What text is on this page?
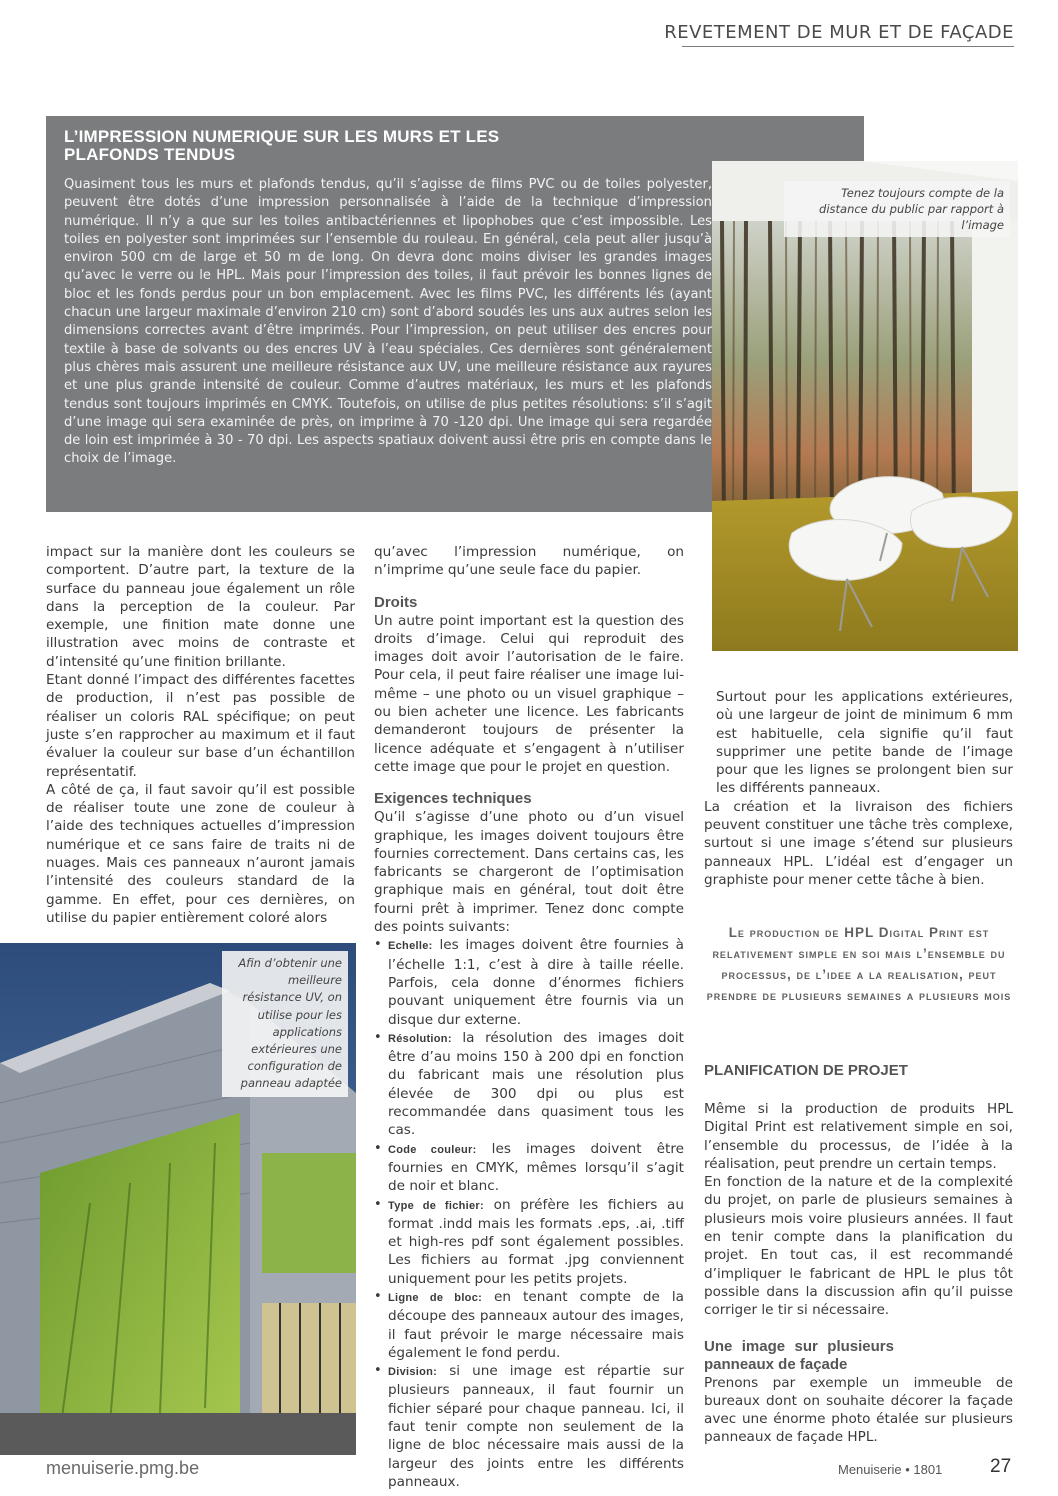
REVETEMENT DE MUR ET DE FAÇADE
L’IMPRESSION NUMERIQUE SUR LES MURS ET LES PLAFONDS TENDUS

Quasiment tous les murs et plafonds tendus, qu’il s’agisse de films PVC ou de toiles polyester, peuvent être dotés d’une impression personnalisée à l’aide de la technique d’impression numérique. Il n’y a que sur les toiles antibactériennes et lipophobes que c’est impossible. Les toiles en polyester sont imprimées sur l’ensemble du rouleau. En général, cela peut aller jusqu’à environ 500 cm de large et 50 m de long. On devra donc moins diviser les grandes images qu’avec le verre ou le HPL. Mais pour l’impression des toiles, il faut prévoir les bonnes lignes de bloc et les fonds perdus pour un bon emplacement. Avec les films PVC, les différents lés (ayant chacun une largeur maximale d’environ 210 cm) sont d’abord soudés les uns aux autres selon les dimensions correctes avant d’être imprimés. Pour l’impression, on peut utiliser des encres pour textile à base de solvants ou des encres UV à l’eau spéciales. Ces dernières sont généralement plus chères mais assurent une meilleure résistance aux UV, une meilleure résistance aux rayures et une plus grande intensité de couleur. Comme d’autres matériaux, les murs et les plafonds tendus sont toujours imprimés en CMYK. Toutefois, on utilise de plus petites résolutions: s’il s’agit d’une image qui sera examinée de près, on imprime à 70 -120 dpi. Une image qui sera regardée de loin est imprimée à 30 - 70 dpi. Les aspects spatiaux doivent aussi être pris en compte dans le choix de l’image.

Tenez toujours compte de la distance du public par rapport à l’image

impact sur la manière dont les couleurs se comportent. D’autre part, la texture de la surface du panneau joue également un rôle dans la perception de la couleur. Par exemple, une finition mate donne une illustration avec moins de contraste et d’intensité qu’une finition brillante.

Etant donné l’impact des différentes facettes de production, il n’est pas possible de réaliser un coloris RAL spécifique; on peut juste s’en rapprocher au maximum et il faut évaluer la couleur sur base d’un échantillon représentatif.

A côté de ça, il faut savoir qu’il est possible de réaliser toute une zone de couleur à l’aide des techniques actuelles d’impression numérique et ce sans faire de traits ni de nuages. Mais ces panneaux n’auront jamais l’intensité des couleurs standard de la gamme. En effet, pour ces dernières, on utilise du papier entièrement coloré alors

Afin d’obtenir une meilleure résistance UV, on utilise pour les applications extérieures une configuration de panneau adaptée

qu’avec l’impression numérique, on n’imprime qu’une seule face du papier.

Droits

Un autre point important est la question des droits d’image. Celui qui reproduit des images doit avoir l’autorisation de le faire. Pour cela, il peut faire réaliser une image lui-même – une photo ou un visuel graphique – ou bien acheter une licence. Les fabricants demanderont toujours de présenter la licence adéquate et s’engagent à n’utiliser cette image que pour le projet en question.

Exigences techniques

Qu’il s’agisse d’une photo ou d’un visuel graphique, les images doivent toujours être fournies correctement. Dans certains cas, les fabricants se chargeront de l’optimisation graphique mais en général, tout doit être fourni prêt à imprimer. Tenez donc compte des points suivants:

• Echelle: les images doivent être fournies à l’échelle 1:1, c’est à dire à taille réelle. Parfois, cela donne d’énormes fichiers pouvant uniquement être fournis via un disque dur externe.
• Résolution: la résolution des images doit être d’au moins 150 à 200 dpi en fonction du fabricant mais une résolution plus élevée de 300 dpi ou plus est recommandée dans quasiment tous les cas.
• Code couleur: les images doivent être fournies en CMYK, mêmes lorsqu’il s’agit de noir et blanc.
• Type de fichier: on préfère les fichiers au format .indd mais les formats .eps, .ai, .tiff et high-res pdf sont également possibles. Les fichiers au format .jpg conviennent uniquement pour les petits projets.
• Ligne de bloc: en tenant compte de la découpe des panneaux autour des images, il faut prévoir le marge nécessaire mais également le fond perdu.
• Division: si une image est répartie sur plusieurs panneaux, il faut fournir un fichier séparé pour chaque panneau. Ici, il faut tenir compte non seulement de la ligne de bloc nécessaire mais aussi de la largeur des joints entre les différents panneaux.

Surtout pour les applications extérieures, où une largeur de joint de minimum 6 mm est habituelle, cela signifie qu’il faut supprimer une petite bande de l’image pour que les lignes se prolongent bien sur les différents panneaux.

La création et la livraison des fichiers peuvent constituer une tâche très complexe, surtout si une image s’étend sur plusieurs panneaux HPL. L’idéal est d’engager un graphiste pour mener cette tâche à bien.

Le production de HPL Digital Print est relativement simple en soi mais l’ensemble du processus, de l’idee a la realisation, peut prendre de plusieurs semaines a plusieurs mois
PLANIFICATION DE PROJET

Même si la production de produits HPL Digital Print est relativement simple en soi, l’ensemble du processus, de l’idée à la réalisation, peut prendre un certain temps.

En fonction de la nature et de la complexité du projet, on parle de plusieurs semaines à plusieurs mois voire plusieurs années. Il faut en tenir compte dans la planification du projet. En tout cas, il est recommandé d’impliquer le fabricant de HPL le plus tôt possible dans la discussion afin qu’il puisse corriger le tir si nécessaire.

Une image sur plusieurs panneaux de façade

Prenons par exemple un immeuble de bureaux dont on souhaite décorer la façade avec une énorme photo étalée sur plusieurs panneaux de façade HPL.

menuiserie.pmg.be	Menuiserie • 1801	27
